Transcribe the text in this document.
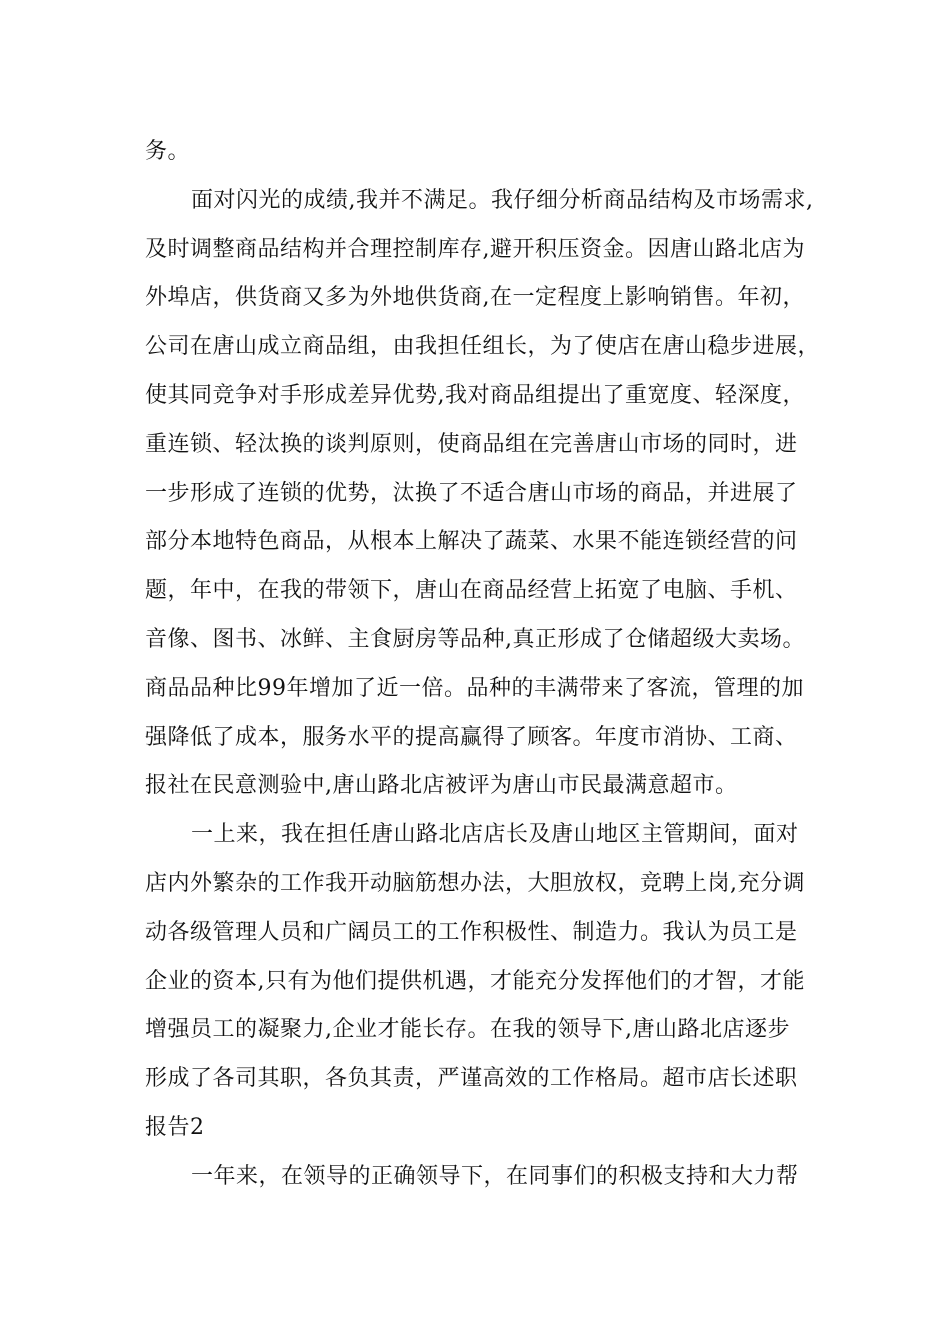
务。
面对闪光的成绩,我并不满足。我仔细分析商品结构及市场需求,
及时调整商品结构并合理控制库存,避开积压资金。因唐山路北店为
外埠店，供货商又多为外地供货商,在一定程度上影响销售。年初，
公司在唐山成立商品组，由我担任组长，为了使店在唐山稳步进展，
使其同竞争对手形成差异优势,我对商品组提出了重宽度、轻深度，
重连锁、轻汰换的谈判原则，使商品组在完善唐山市场的同时，进
一步形成了连锁的优势，汰换了不适合唐山市场的商品，并进展了
部分本地特色商品，从根本上解决了蔬菜、水果不能连锁经营的问
题，年中，在我的带领下，唐山在商品经营上拓宽了电脑、手机、
音像、图书、冰鲜、主食厨房等品种,真正形成了仓储超级大卖场。
商品品种比99年增加了近一倍。品种的丰满带来了客流，管理的加
强降低了成本，服务水平的提高赢得了顾客。年度市消协、工商、
报社在民意测验中,唐山路北店被评为唐山市民最满意超市。
一上来，我在担任唐山路北店店长及唐山地区主管期间，面对
店内外繁杂的工作我开动脑筋想办法，大胆放权，竞聘上岗,充分调
动各级管理人员和广阔员工的工作积极性、制造力。我认为员工是
企业的资本,只有为他们提供机遇，才能充分发挥他们的才智，才能
增强员工的凝聚力,企业才能长存。在我的领导下,唐山路北店逐步
形成了各司其职，各负其责，严谨高效的工作格局。超市店长述职
报告2
一年来，在领导的正确领导下，在同事们的积极支持和大力帮
